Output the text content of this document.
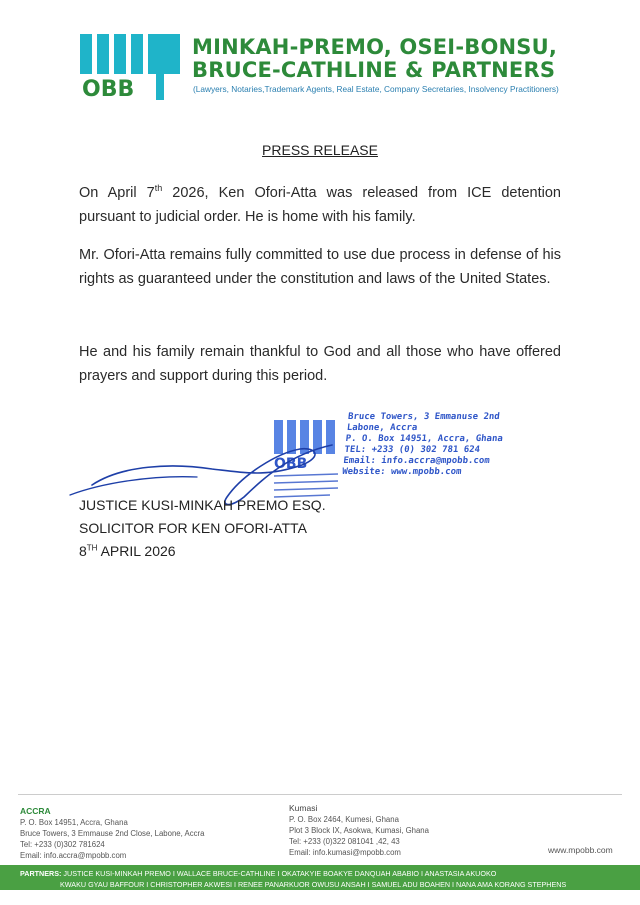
OBB
MINKAH-PREMO, OSEI-BONSU,
BRUCE-CATHLINE & PARTNERS
(Lawyers, Notaries,Trademark Agents, Real Estate, Company Secretaries, Insolvency Practitioners)
PRESS RELEASE
On April 7th 2026, Ken Ofori-Atta was released from ICE detention pursuant to judicial order. He is home with his family.
Mr. Ofori-Atta remains fully committed to use due process in defense of his rights as guaranteed under the constitution and laws of the United States.
He and his family remain thankful to God and all those who have offered prayers and support during this period.
OBB
Bruce Towers, 3 Emmanuse 2nd
Labone, Accra
P. O. Box 14951, Accra, Ghana
TEL: +233 (0) 302 781 624
Email: info.accra@mpobb.com
Website: www.mpobb.com
JUSTICE KUSI-MINKAH PREMO ESQ.
SOLICITOR FOR KEN OFORI-ATTA
8TH APRIL 2026
ACCRA
P. O. Box 14951, Accra, Ghana
Bruce Towers, 3 Emmause 2nd Close, Labone, Accra
Tel: +233 (0)302 781624
Email: info.accra@mpobb.com
Kumasi
P. O. Box 2464, Kumesi, Ghana
Plot 3 Block IX, Asokwa, Kumasi, Ghana
Tel: +233 (0)322 081041 ,42, 43
Email: info.kumasi@mpobb.com	www.mpobb.com
PARTNERS: JUSTICE KUSI-MINKAH PREMO I WALLACE BRUCE-CATHLINE I OKATAKYIE BOAKYE DANQUAH ABABIO I ANASTASIA AKUOKO
KWAKU GYAU BAFFOUR I CHRISTOPHER AKWESI I RENEE PANARKUOR OWUSU ANSAH I SAMUEL ADU BOAHEN I NANA AMA KORANG STEPHENS
